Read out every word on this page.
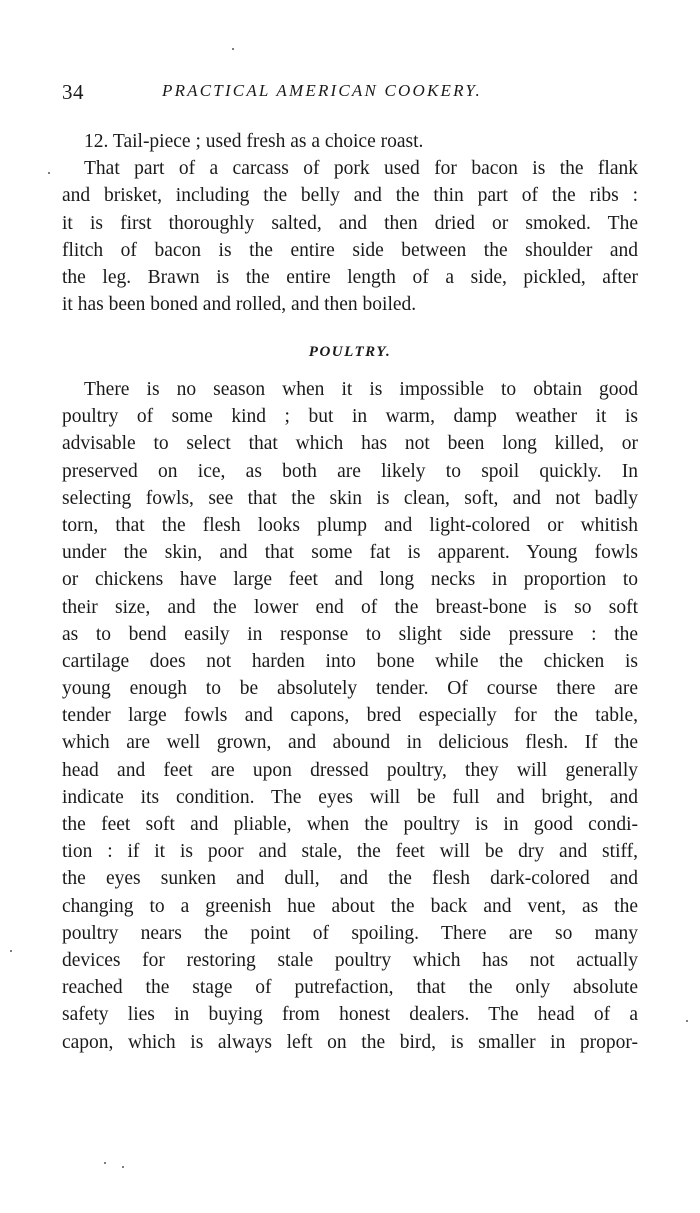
34	PRACTICAL AMERICAN COOKERY.
12. Tail-piece ; used fresh as a choice roast.
That part of a carcass of pork used for bacon is the flank
and brisket, including the belly and the thin part of the ribs :
it is first thoroughly salted, and then dried or smoked. The
flitch of bacon is the entire side between the shoulder and
the leg. Brawn is the entire length of a side, pickled, after
it has been boned and rolled, and then boiled.
POULTRY.
There is no season when it is impossible to obtain good
poultry of some kind ; but in warm, damp weather it is
advisable to select that which has not been long killed, or
preserved on ice, as both are likely to spoil quickly. In
selecting fowls, see that the skin is clean, soft, and not badly
torn, that the flesh looks plump and light-colored or whitish
under the skin, and that some fat is apparent. Young fowls
or chickens have large feet and long necks in proportion to
their size, and the lower end of the breast-bone is so soft
as to bend easily in response to slight side pressure : the
cartilage does not harden into bone while the chicken is
young enough to be absolutely tender. Of course there are
tender large fowls and capons, bred especially for the table,
which are well grown, and abound in delicious flesh. If the
head and feet are upon dressed poultry, they will generally
indicate its condition. The eyes will be full and bright, and
the feet soft and pliable, when the poultry is in good condi-
tion : if it is poor and stale, the feet will be dry and stiff,
the eyes sunken and dull, and the flesh dark-colored and
changing to a greenish hue about the back and vent, as the
poultry nears the point of spoiling. There are so many
devices for restoring stale poultry which has not actually
reached the stage of putrefaction, that the only absolute
safety lies in buying from honest dealers. The head of a
capon, which is always left on the bird, is smaller in propor-
